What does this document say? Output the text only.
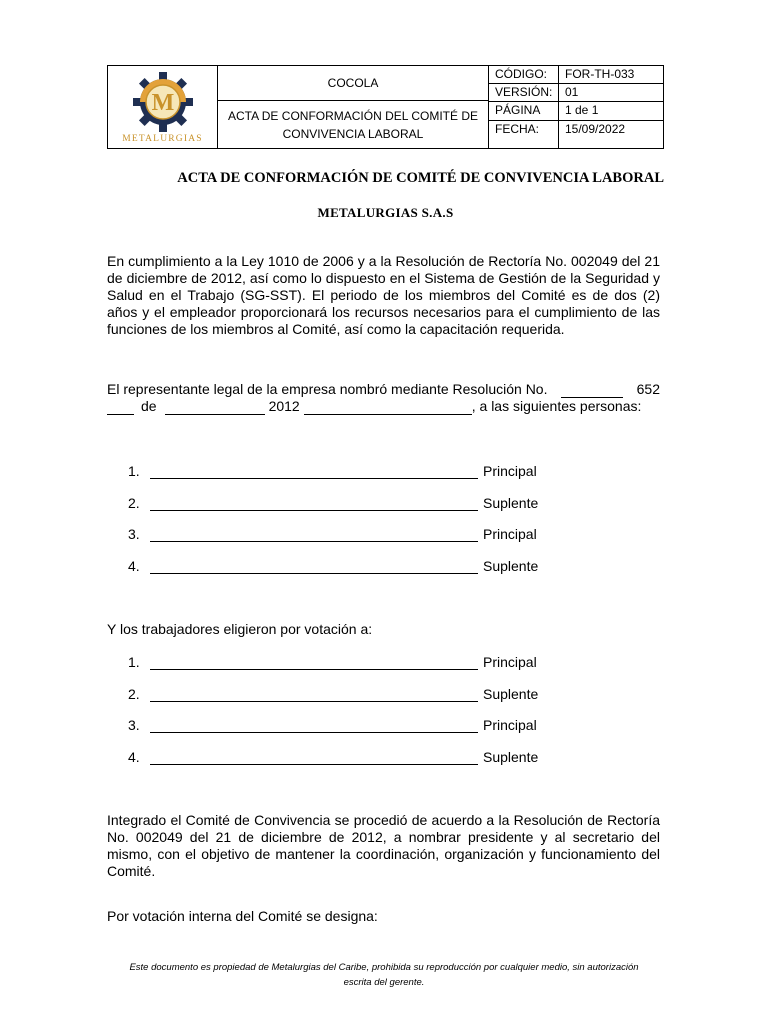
M
METALURGIAS
COCOLA
ACTA DE CONFORMACIÓN DEL COMITÉ DE CONVIVENCIA LABORAL
CÓDIGO:	FOR-TH-033
VERSIÓN:	01
PÁGINA	1 de 1
FECHA:	15/09/2022
ACTA DE CONFORMACIÓN DE COMITÉ DE CONVIVENCIA LABORAL
METALURGIAS S.A.S
En cumplimiento a la Ley 1010 de 2006 y a la Resolución de Rectoría No. 002049 del 21 de diciembre de 2012, así como lo dispuesto en el Sistema de Gestión de la Seguridad y Salud en el Trabajo (SG-SST). El periodo de los miembros del Comité es de dos (2) años y el empleador proporcionará los recursos necesarios para el cumplimiento de las funciones de los miembros al Comité, así como la capacitación requerida.
El representante legal de la empresa nombró mediante Resolución No.	652
de	2012	, a las siguientes personas:
1.	Principal
2.	Suplente
3.	Principal
4.	Suplente
Y los trabajadores eligieron por votación a:
1.	Principal
2.	Suplente
3.	Principal
4.	Suplente
Integrado el Comité de Convivencia se procedió de acuerdo a la Resolución de Rectoría No. 002049 del 21 de diciembre de 2012, a nombrar presidente y al secretario del mismo, con el objetivo de mantener la coordinación, organización y funcionamiento del Comité.
Por votación interna del Comité se designa:
Este documento es propiedad de Metalurgias del Caribe, prohibida su reproducción por cualquier medio, sin autorización
escrita del gerente.
